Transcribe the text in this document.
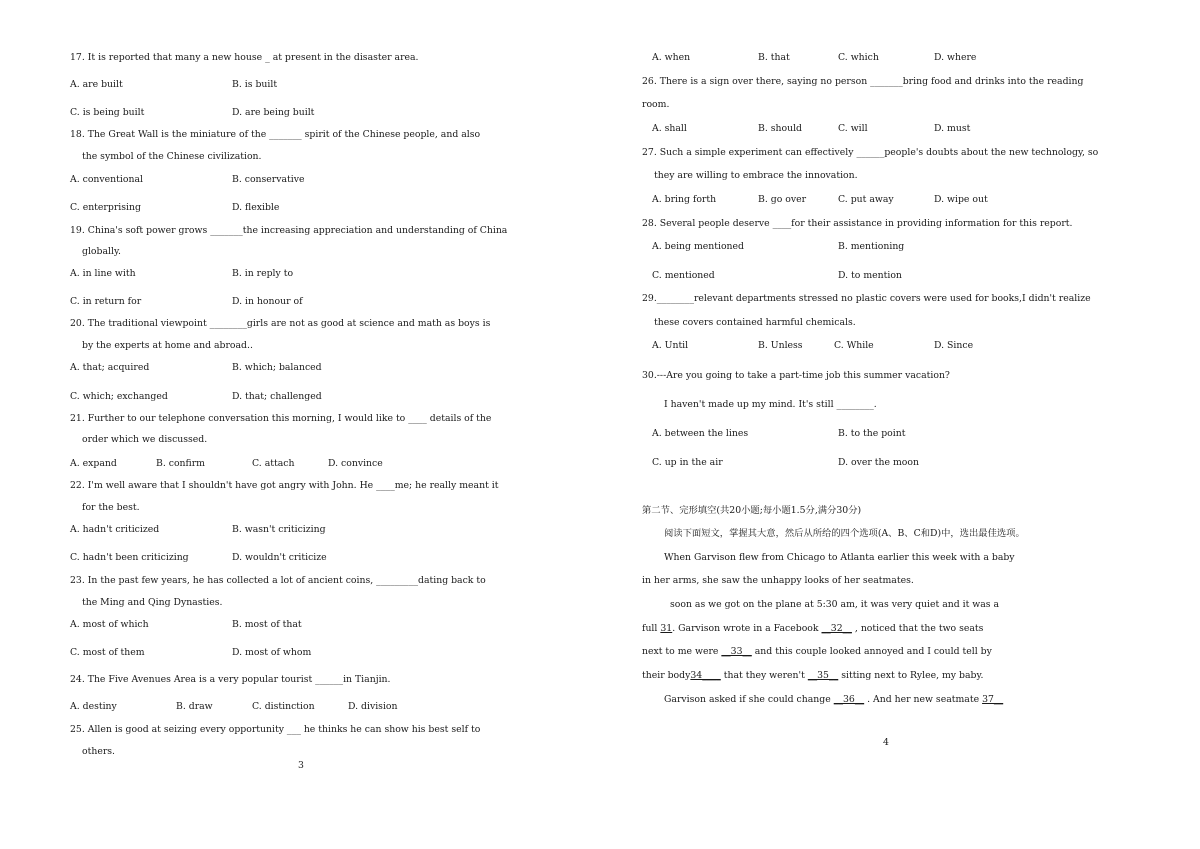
17. It is reported that many a new house _ at present in the disaster area.
A. are built	B. is built
C. is being built	D. are being built
18. The Great Wall is the miniature of the _______ spirit of the Chinese people, and also
the symbol of the Chinese civilization.
A. conventional	B. conservative
C. enterprising	D. flexible
19. China's soft power grows _______the increasing appreciation and understanding of China
globally.
A. in line with	B. in reply to
C. in return for	D. in honour of
20. The traditional viewpoint ________girls are not as good at science and math as boys is
by the experts at home and abroad..
A. that; acquired	B. which; balanced
C. which; exchanged	D. that; challenged
21. Further to our telephone conversation this morning, I would like to ____ details of the
order which we discussed.
A. expand	B. confirm	C. attach	D. convince
22. I'm well aware that I shouldn't have got angry with John. He ____me; he really meant it
for the best.
A. hadn't criticized	B. wasn't criticizing
C. hadn't been criticizing	D. wouldn't criticize
23. In the past few years, he has collected a lot of ancient coins, _________dating back to
the Ming and Qing Dynasties.
A. most of which	B. most of that
C. most of them	D. most of whom
24. The Five Avenues Area is a very popular tourist ______in Tianjin.
A. destiny	B. draw	C. distinction	D. division
25. Allen is good at seizing every opportunity ___ he thinks he can show his best self to
others.
3
A. when	B. that	C. which	D. where
26. There is a sign over there, saying no person _______bring food and drinks into the reading
room.
A. shall	B. should	C. will	D. must
27. Such a simple experiment can effectively ______people's doubts about the new technology, so
they are willing to embrace the innovation.
A. bring forth	B. go over	C. put away	D. wipe out
28. Several people deserve ____for their assistance in providing information for this report.
A. being mentioned	B. mentioning
C. mentioned	D. to mention
29.________relevant departments stressed no plastic covers were used for books,I didn't realize
these covers contained harmful chemicals.
A. Until	B. Unless	C. While	D. Since
30.---Are you going to take a part-time job this summer vacation?
I haven't made up my mind. It's still ________.
A. between the lines	B. to the point
C. up in the air	D. over the moon
第二节、完形填空(共20小题;每小题1.5分,满分30分)
阅读下面短文，掌握其大意，然后从所给的四个选项(A、B、C和D)中，选出最佳选项。
When Garvison flew from Chicago to Atlanta earlier this week with a baby
in her arms, she saw the unhappy looks of her seatmates.
soon as we got on the plane at 5:30 am, it was very quiet and it was a
full 31. Garvison wrote in a Facebook __32__ , noticed that the two seats
next to me were __33__ and this couple looked annoyed and I could tell by
their body34____ that they weren't __35__ sitting next to Rylee, my baby.
Garvison asked if she could change __36__ . And her new seatmate 37__
4
